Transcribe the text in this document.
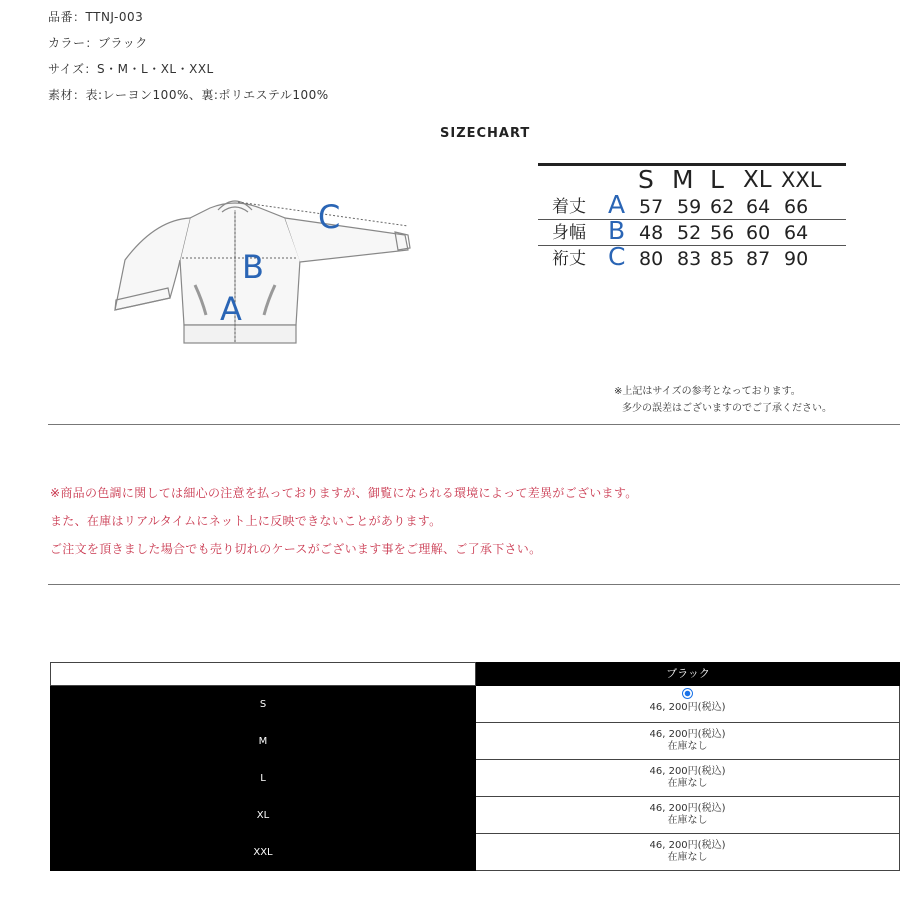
品番：TTNJ-003
カラー：ブラック
サイズ：S・M・L・XL・XXL
素材：表:レーヨン100%、裏:ポリエステル100%
SIZECHART
B
A
C
S M L XL XXL
着丈 A 57 59 62 64 66
身幅 B 48 52 56 60 64
裄丈 C 80 83 85 87 90
※上記はサイズの参考となっております。
多少の誤差はございますのでご了承ください。
※商品の色調に関しては細心の注意を払っておりますが、御覧になられる環境によって差異がございます。
また、在庫はリアルタイムにネット上に反映できないことがあります。
ご注文を頂きました場合でも売り切れのケースがございます事をご理解、ご了承下さい。
ブラック
S	46, 200円(税込)
M
46, 200円(税込)
在庫なし
L
46, 200円(税込)
在庫なし
XL
46, 200円(税込)
在庫なし
XXL
46, 200円(税込)
在庫なし
